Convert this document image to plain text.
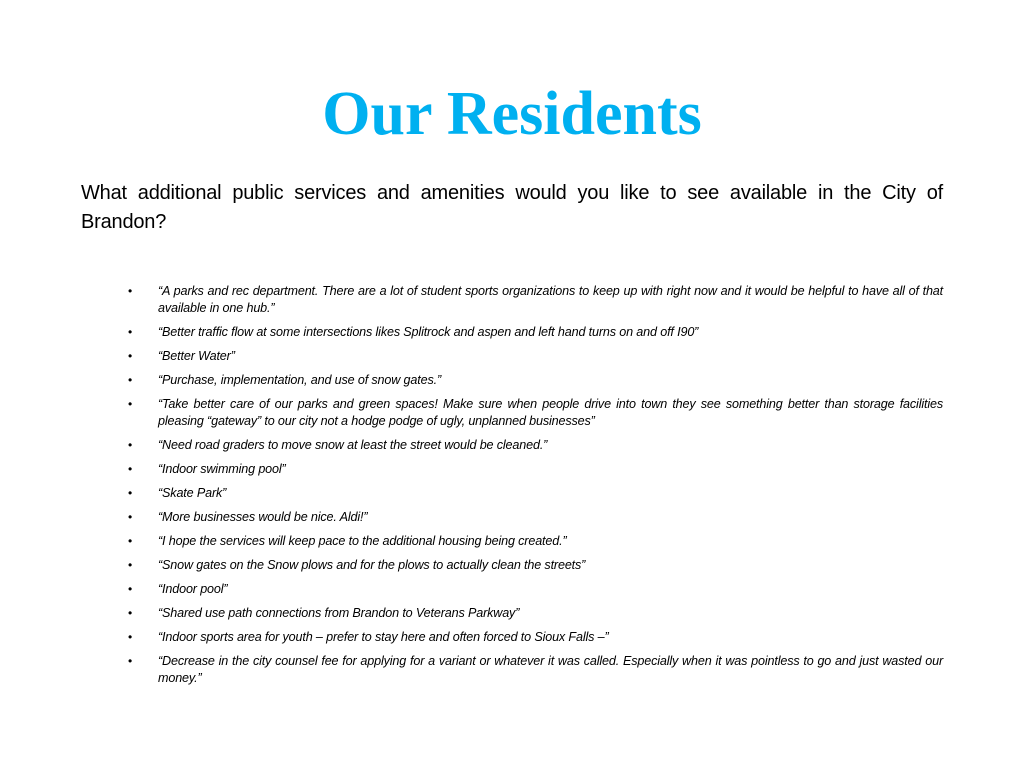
Our Residents

What additional public services and amenities would you like to see available in the City of Brandon?

• “A parks and rec department. There are a lot of student sports organizations to keep up with right now and it would be helpful to have all of that available in one hub.”
• “Better traffic flow at some intersections likes Splitrock and aspen and left hand turns on and off I90”
• “Better Water”
• “Purchase, implementation, and use of snow gates.”
• “Take better care of our parks and green spaces! Make sure when people drive into town they see something better than storage facilities pleasing “gateway” to our city not a hodge podge of ugly, unplanned businesses”
• “Need road graders to move snow at least the street would be cleaned.”
• “Indoor swimming pool”
• “Skate Park”
• “More businesses would be nice. Aldi!”
• “I hope the services will keep pace to the additional housing being created.”
• “Snow gates on the Snow plows and for the plows to actually clean the streets”
• “Indoor pool”
• “Shared use path connections from Brandon to Veterans Parkway”
• “Indoor sports area for youth – prefer to stay here and often forced to Sioux Falls –”
• “Decrease in the city counsel fee for applying for a variant or whatever it was called. Especially when it was pointless to go and just wasted our money.”
